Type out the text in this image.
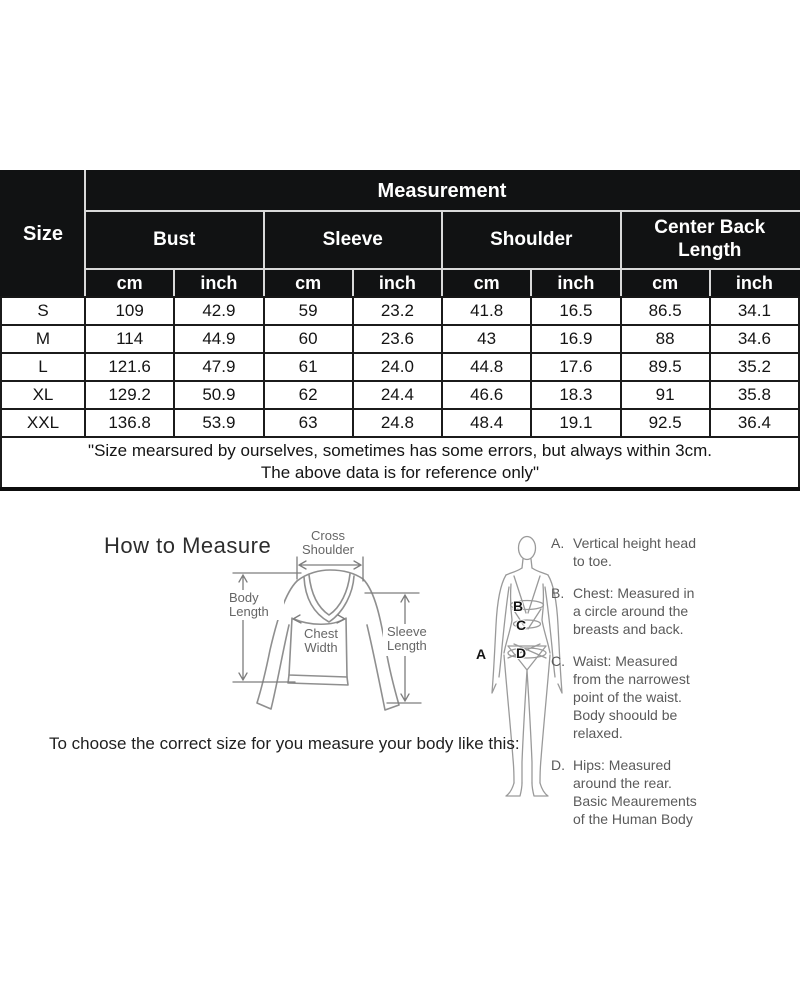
Size	Measurement							
	Bust		Sleeve		Shoulder		Center Back Length	
	cm	inch	cm	inch	cm	inch	cm	inch
S	109	42.9	59	23.2	41.8	16.5	86.5	34.1
M	114	44.9	60	23.6	43	16.9	88	34.6
L	121.6	47.9	61	24.0	44.8	17.6	89.5	35.2
XL	129.2	50.9	62	24.4	46.6	18.3	91	35.8
XXL	136.8	53.9	63	24.8	48.4	19.1	92.5	36.4

"Size mearsured by ourselves, sometimes has some errors, but always within 3cm.
The above data is for reference only"								
How to Measure	Cross
Shoulder
Body
Length
Chest
Width
Sleeve
Length
A
B
C
D
A. Vertical height head to toe.
B. Chest: Measured in a circle around the breasts and back.
C. Waist: Measured from the narrowest point of the waist. Body shoould be relaxed.
D. Hips: Measured around the rear. Basic Meaurements of the Human Body
To choose the correct size for you measure your body like this:
